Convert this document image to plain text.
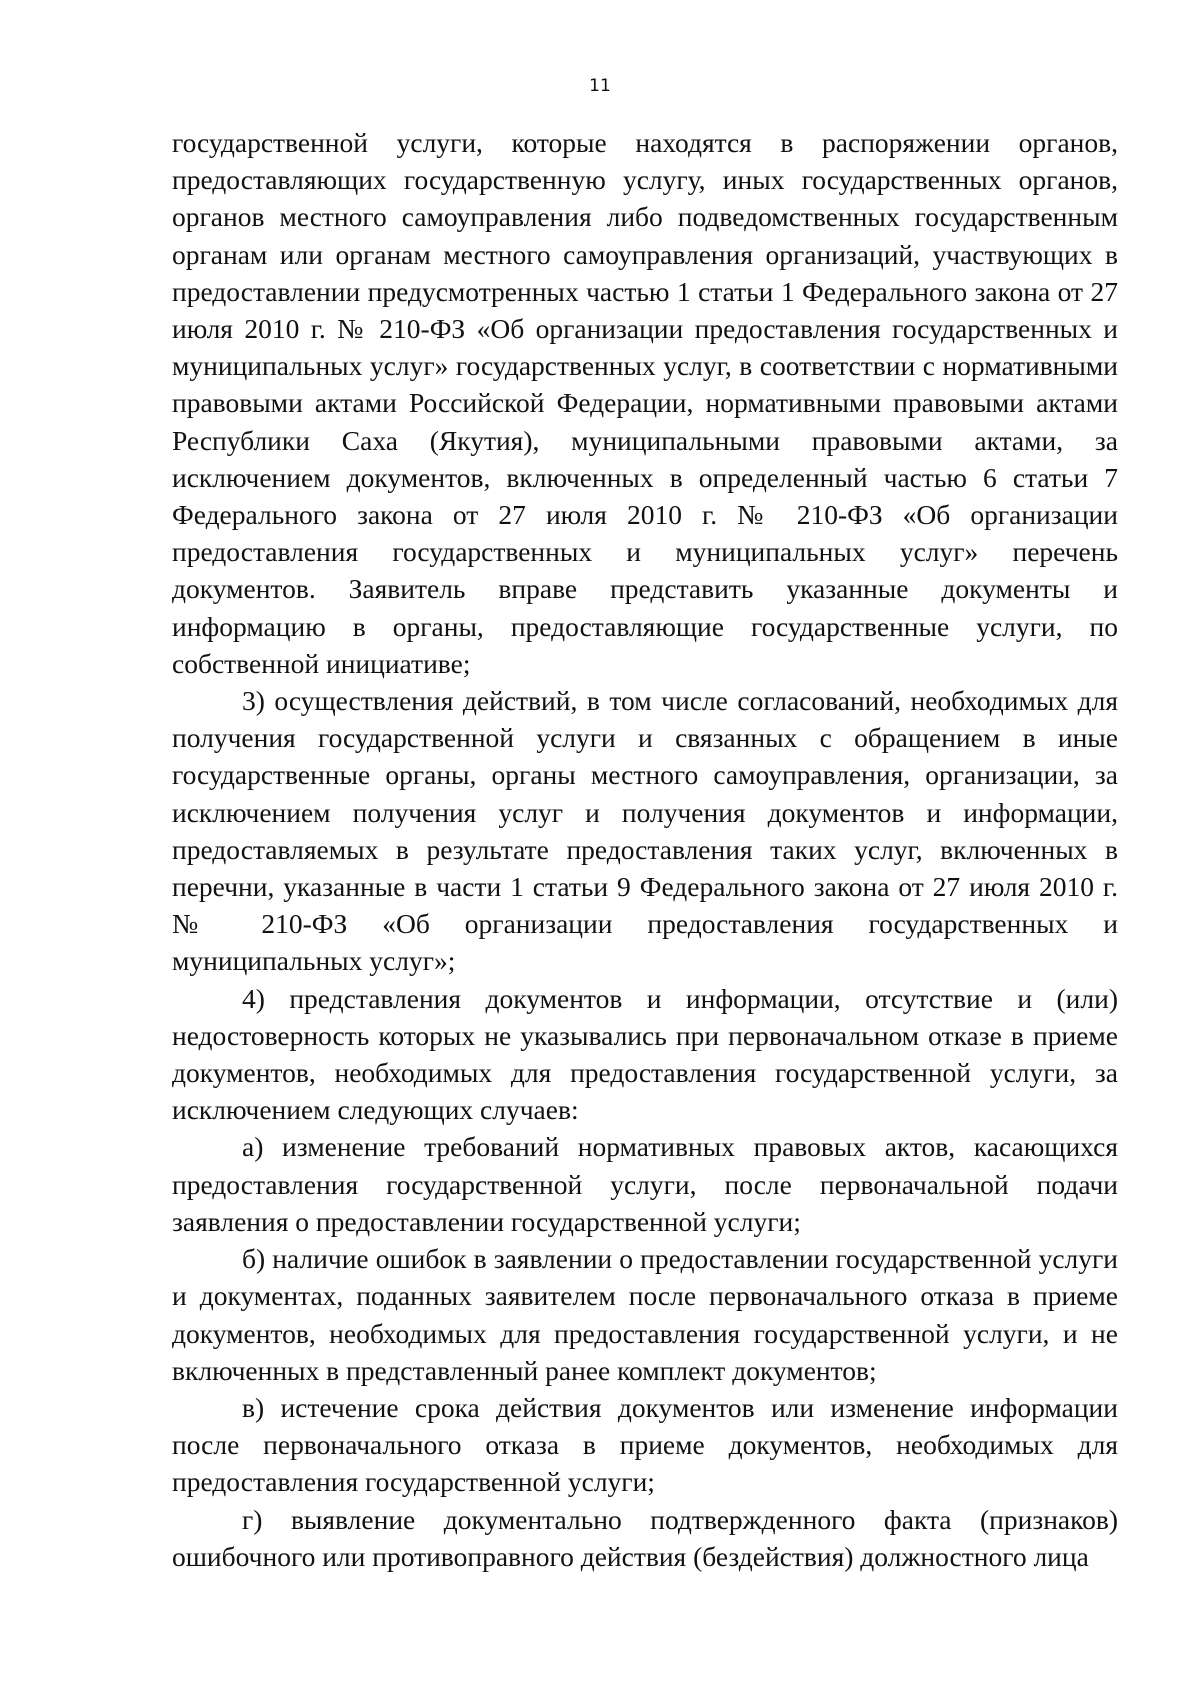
11

государственной услуги, которые находятся в распоряжении органов, предоставляющих государственную услугу, иных государственных органов, органов местного самоуправления либо подведомственных государственным органам или органам местного самоуправления организаций, участвующих в предоставлении предусмотренных частью 1 статьи 1 Федерального закона от 27 июля 2010 г. № 210-ФЗ «Об организации предоставления государственных и муниципальных услуг» государственных услуг, в соответствии с нормативными правовыми актами Российской Федерации, нормативными правовыми актами Республики Саха (Якутия), муниципальными правовыми актами, за исключением документов, включенных в определенный частью 6 статьи 7 Федерального закона от 27 июля 2010 г. № 210-ФЗ «Об организации предоставления государственных и муниципальных услуг» перечень документов. Заявитель вправе представить указанные документы и информацию в органы, предоставляющие государственные услуги, по собственной инициативе;

3) осуществления действий, в том числе согласований, необходимых для получения государственной услуги и связанных с обращением в иные государственные органы, органы местного самоуправления, организации, за исключением получения услуг и получения документов и информации, предоставляемых в результате предоставления таких услуг, включенных в перечни, указанные в части 1 статьи 9 Федерального закона от 27 июля 2010 г. № 210-ФЗ «Об организации предоставления государственных и муниципальных услуг»;

4) представления документов и информации, отсутствие и (или) недостоверность которых не указывались при первоначальном отказе в приеме документов, необходимых для предоставления государственной услуги, за исключением следующих случаев:

а) изменение требований нормативных правовых актов, касающихся предоставления государственной услуги, после первоначальной подачи заявления о предоставлении государственной услуги;

б) наличие ошибок в заявлении о предоставлении государственной услуги и документах, поданных заявителем после первоначального отказа в приеме документов, необходимых для предоставления государственной услуги, и не включенных в представленный ранее комплект документов;

в) истечение срока действия документов или изменение информации после первоначального отказа в приеме документов, необходимых для предоставления государственной услуги;

г) выявление документально подтвержденного факта (признаков) ошибочного или противоправного действия (бездействия) должностного лица
